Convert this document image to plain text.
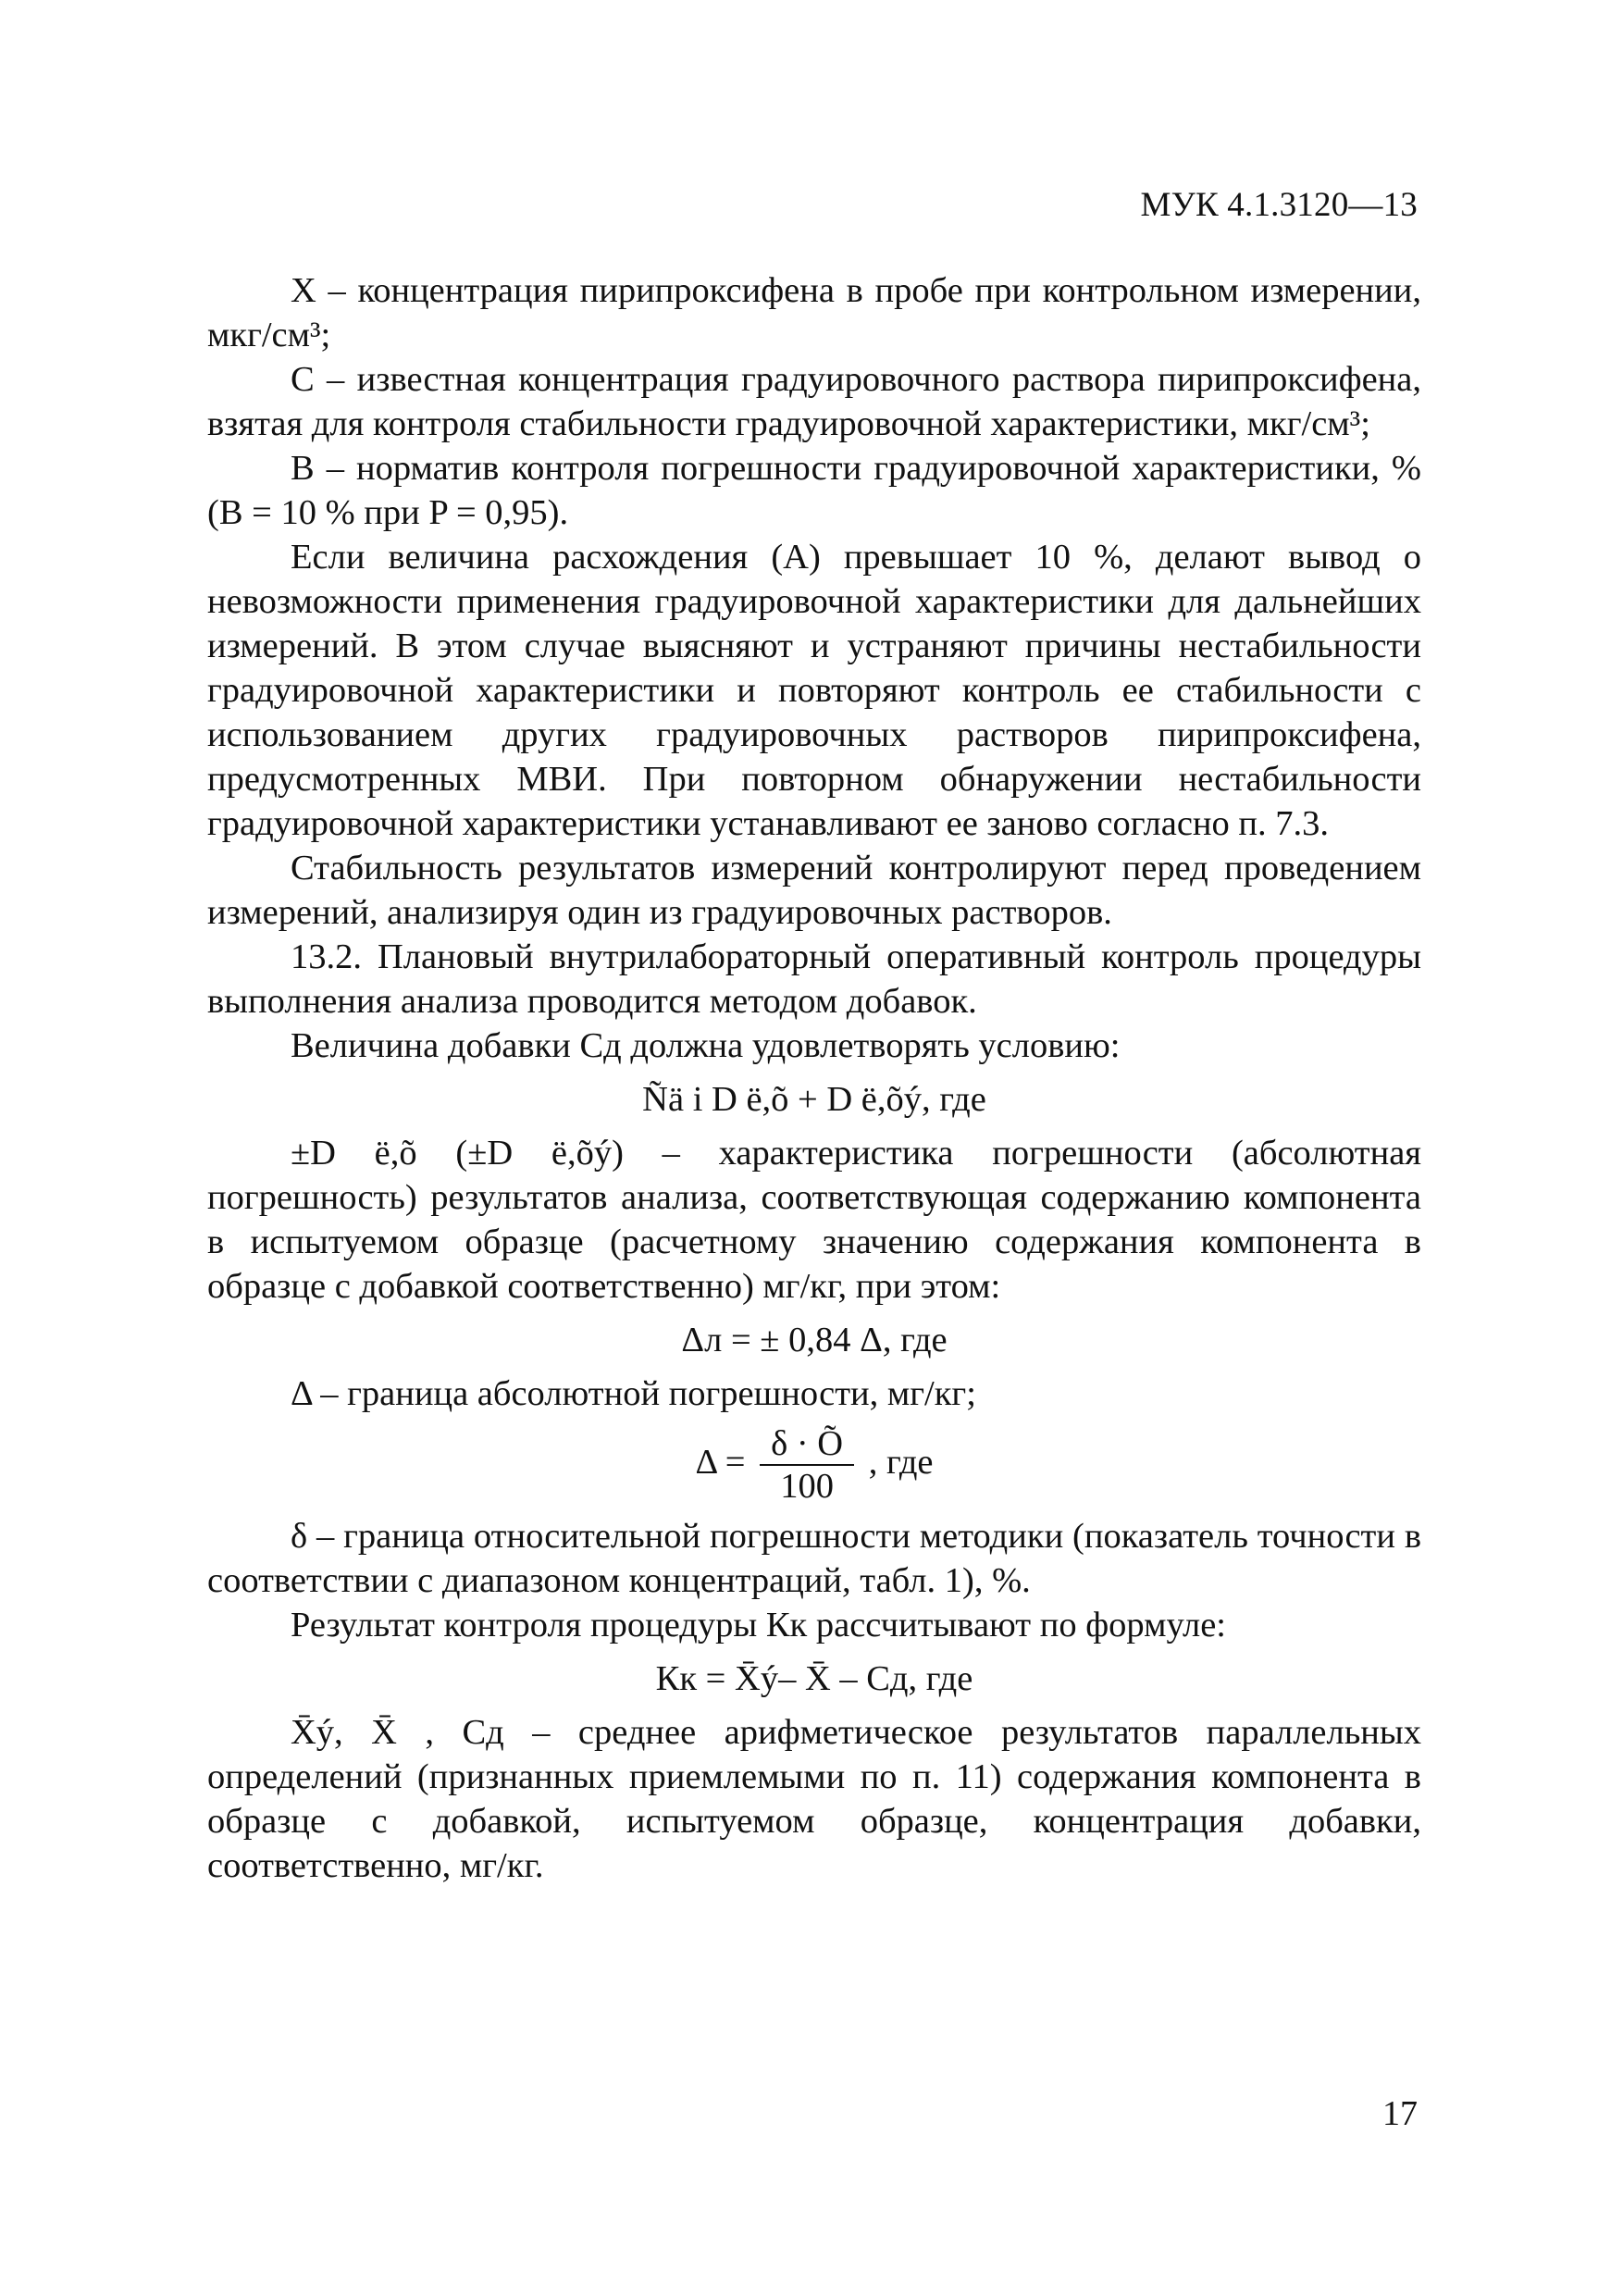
МУК 4.1.3120—13

X – концентрация пирипроксифена в пробе при контрольном измерении, мкг/см³;

C – известная концентрация градуировочного раствора пирипроксифена, взятая для контроля стабильности градуировочной характеристики, мкг/см³;

B – норматив контроля погрешности градуировочной характеристики, % (B = 10 % при P = 0,95).

Если величина расхождения (A) превышает 10 %, делают вывод о невозможности применения градуировочной характеристики для дальнейших измерений. В этом случае выясняют и устраняют причины нестабильности градуировочной характеристики и повторяют контроль ее стабильности с использованием других градуировочных растворов пирипроксифена, предусмотренных МВИ. При повторном обнаружении нестабильности градуировочной характеристики устанавливают ее заново согласно п. 7.3.

Стабильность результатов измерений контролируют перед проведением измерений, анализируя один из градуировочных растворов.

13.2. Плановый внутрилабораторный оперативный контроль процедуры выполнения анализа проводится методом добавок.

Величина добавки Cд должна удовлетворять условию:

Ñä i D ë,õ + D ë,õý, где

±D ë,õ (±D ë,õý) – характеристика погрешности (абсолютная погрешность) результатов анализа, соответствующая содержанию компонента в испытуемом образце (расчетному значению содержания компонента в образце с добавкой соответственно) мг/кг, при этом:

Δл = ± 0,84 Δ, где

Δ – граница абсолютной погрешности, мг/кг;

$\Delta = \frac{\delta \cdot Õ}{100}$ , где

δ – граница относительной погрешности методики (показатель точности в соответствии с диапазоном концентраций, табл. 1), %.

Результат контроля процедуры Кк рассчитывают по формуле:

Кк = X̄ý– X̄ – Cд, где

X̄ý, X̄ , Cд – среднее арифметическое результатов параллельных определений (признанных приемлемыми по п. 11) содержания компонента в образце с добавкой, испытуемом образце, концентрация добавки, соответственно, мг/кг.

17
